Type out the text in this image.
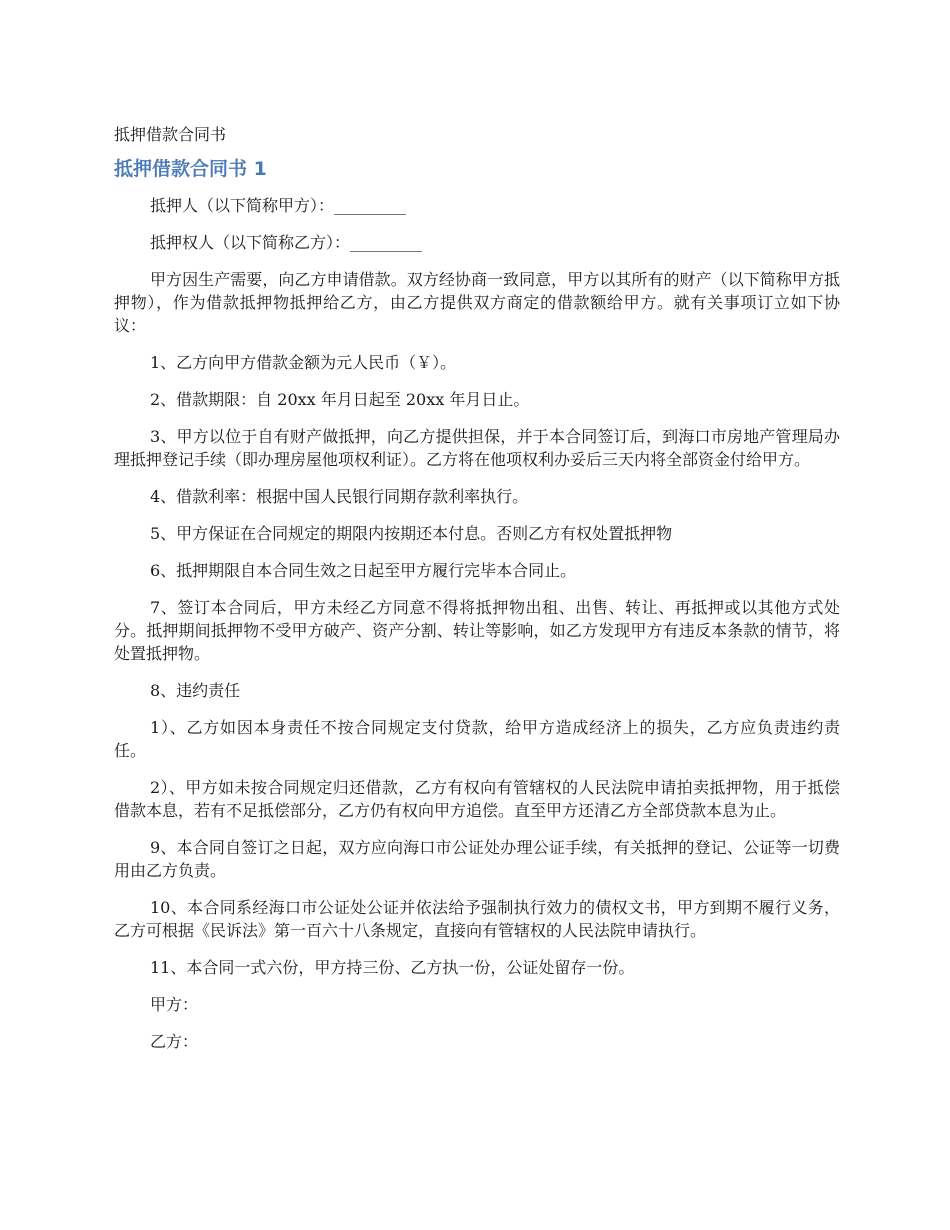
抵押借款合同书
抵押借款合同书 1

抵押人（以下简称甲方）：_________

抵押权人（以下简称乙方）：_________

甲方因生产需要，向乙方申请借款。双方经协商一致同意，甲方以其所有的财产（以下简称甲方抵押物），作为借款抵押物抵押给乙方，由乙方提供双方商定的借款额给甲方。就有关事项订立如下协议：

1、乙方向甲方借款金额为元人民币（￥）。

2、借款期限：自 20xx 年月日起至 20xx 年月日止。

3、甲方以位于自有财产做抵押，向乙方提供担保，并于本合同签订后，到海口市房地产管理局办理抵押登记手续（即办理房屋他项权利证）。乙方将在他项权利办妥后三天内将全部资金付给甲方。

4、借款利率：根据中国人民银行同期存款利率执行。

5、甲方保证在合同规定的期限内按期还本付息。否则乙方有权处置抵押物

6、抵押期限自本合同生效之日起至甲方履行完毕本合同止。

7、签订本合同后，甲方未经乙方同意不得将抵押物出租、出售、转让、再抵押或以其他方式处分。抵押期间抵押物不受甲方破产、资产分割、转让等影响，如乙方发现甲方有违反本条款的情节，将处置抵押物。

8、违约责任

1）、乙方如因本身责任不按合同规定支付贷款，给甲方造成经济上的损失，乙方应负责违约责任。

2）、甲方如未按合同规定归还借款，乙方有权向有管辖权的人民法院申请拍卖抵押物，用于抵偿借款本息，若有不足抵偿部分，乙方仍有权向甲方追偿。直至甲方还清乙方全部贷款本息为止。

9、本合同自签订之日起，双方应向海口市公证处办理公证手续，有关抵押的登记、公证等一切费用由乙方负责。

10、本合同系经海口市公证处公证并依法给予强制执行效力的债权文书，甲方到期不履行义务，乙方可根据《民诉法》第一百六十八条规定，直接向有管辖权的人民法院申请执行。

11、本合同一式六份，甲方持三份、乙方执一份，公证处留存一份。

甲方：

乙方：
